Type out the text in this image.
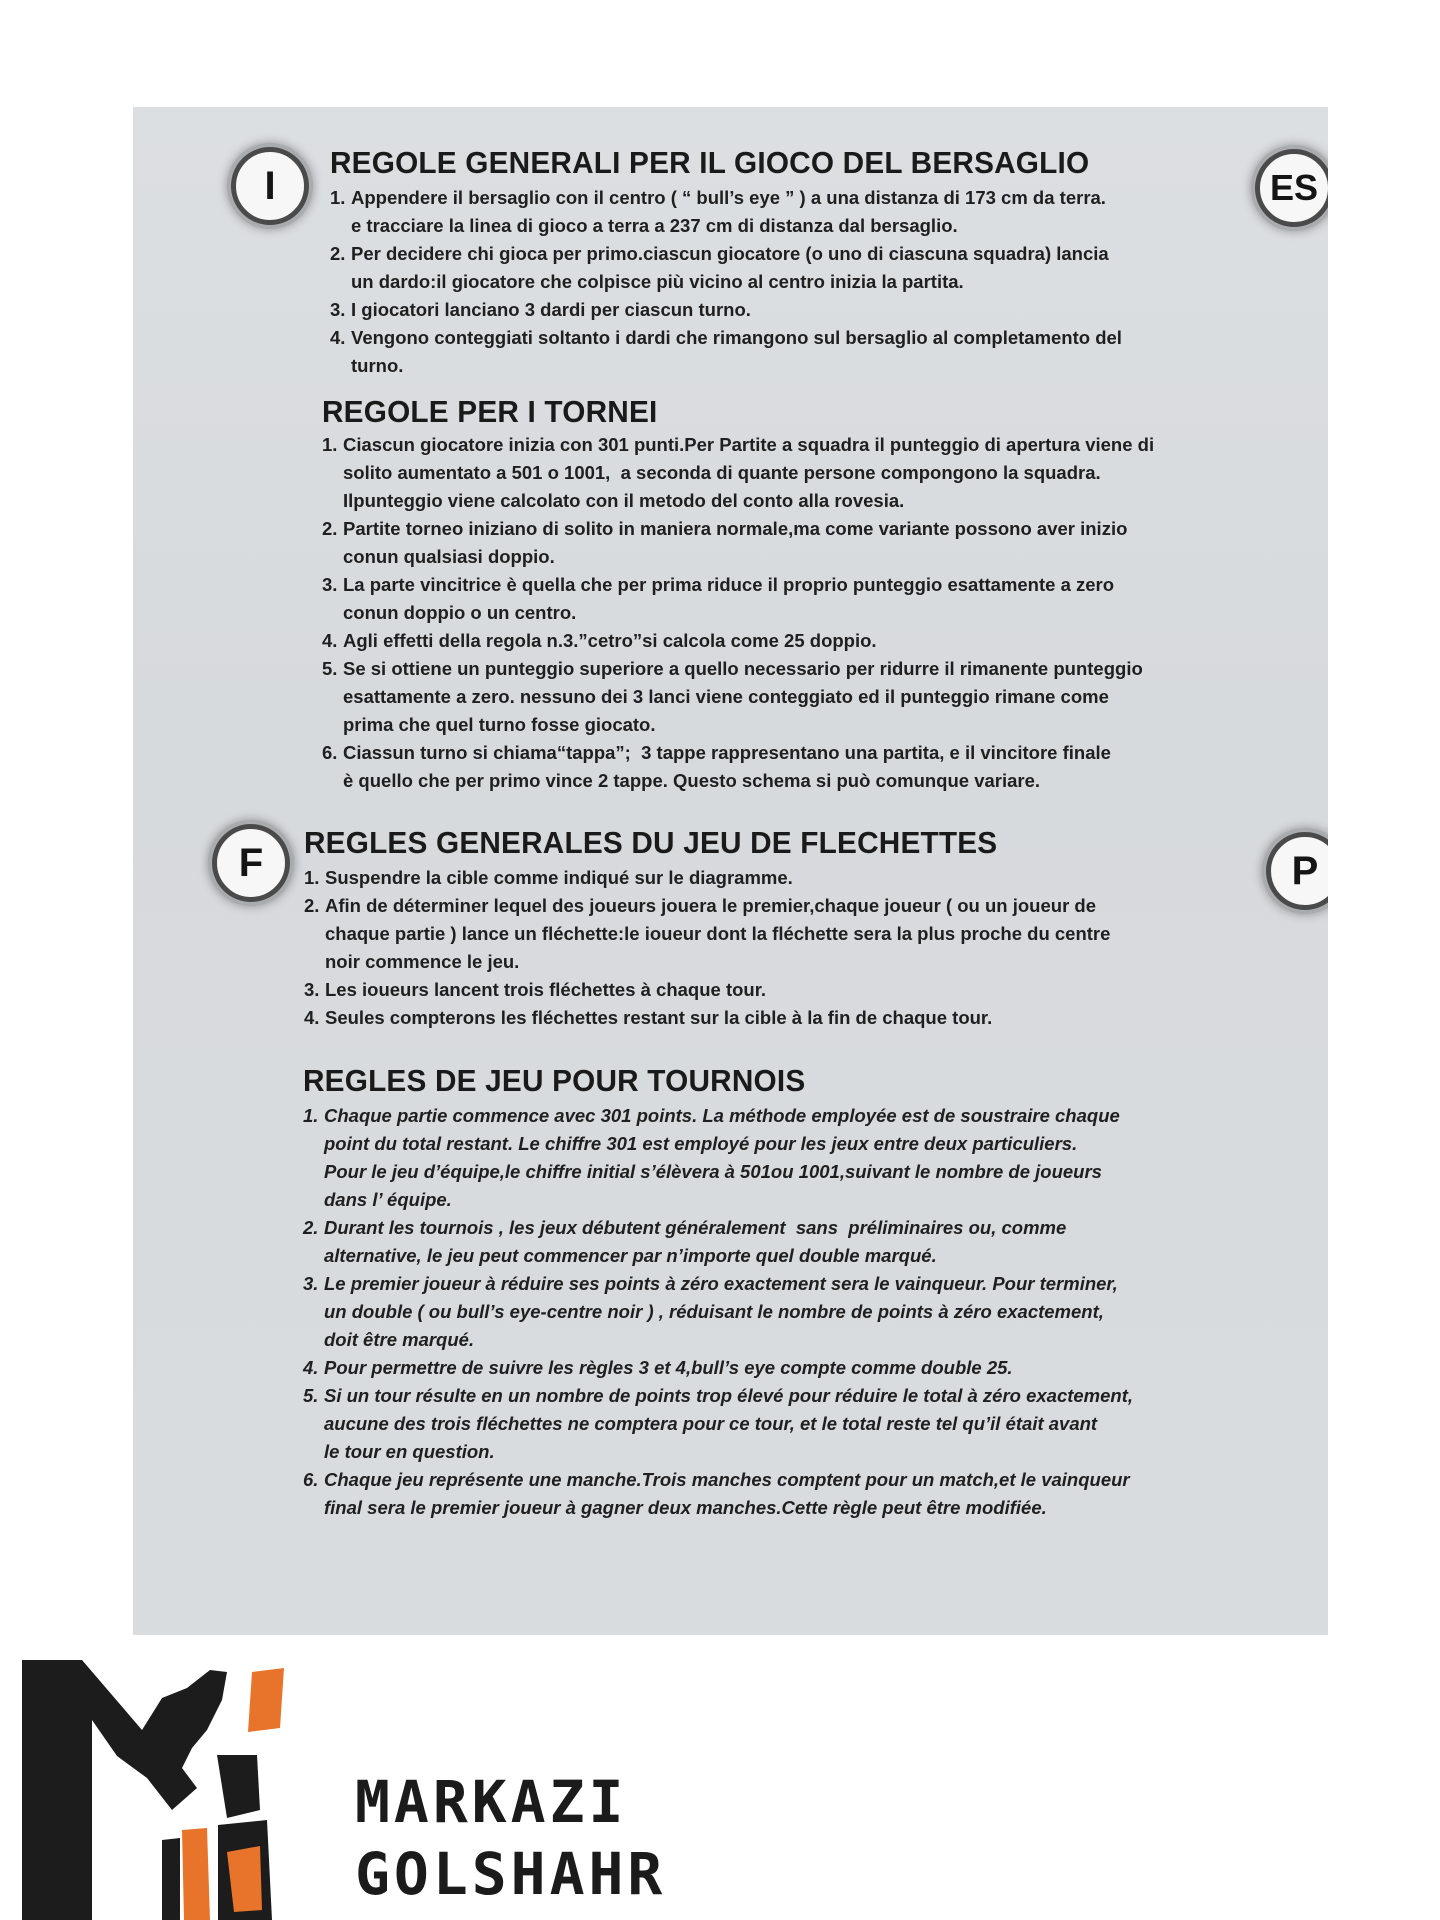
I	ES
F	P
REGOLE GENERALI PER IL GIOCO DEL BERSAGLIO
1. Appendere il bersaglio con il centro ( “ bull’s eye ” ) a una distanza di 173 cm da terra.
e tracciare la linea di gioco a terra a 237 cm di distanza dal bersaglio.
2. Per decidere chi gioca per primo.ciascun giocatore (o uno di ciascuna squadra) lancia
un dardo:il giocatore che colpisce più vicino al centro inizia la partita.
3. I giocatori lanciano 3 dardi per ciascun turno.
4. Vengono conteggiati soltanto i dardi che rimangono sul bersaglio al completamento del
turno.
REGOLE PER I TORNEI
1. Ciascun giocatore inizia con 301 punti.Per Partite a squadra il punteggio di apertura viene di
solito aumentato a 501 o 1001,  a seconda di quante persone compongono la squadra.
Ilpunteggio viene calcolato con il metodo del conto alla rovesia.
2. Partite torneo iniziano di solito in maniera normale,ma come variante possono aver inizio
conun qualsiasi doppio.
3. La parte vincitrice è quella che per prima riduce il proprio punteggio esattamente a zero
conun doppio o un centro.
4. Agli effetti della regola n.3.”cetro”si calcola come 25 doppio.
5. Se si ottiene un punteggio superiore a quello necessario per ridurre il rimanente punteggio
esattamente a zero. nessuno dei 3 lanci viene conteggiato ed il punteggio rimane come
prima che quel turno fosse giocato.
6. Ciassun turno si chiama“tappa”;  3 tappe rappresentano una partita, e il vincitore finale
è quello che per primo vince 2 tappe. Questo schema si può comunque variare.
REGLES GENERALES DU JEU DE FLECHETTES
1. Suspendre la cible comme indiqué sur le diagramme.
2. Afin de déterminer lequel des joueurs jouera le premier,chaque joueur ( ou un joueur de
chaque partie ) lance un fléchette:le ioueur dont la fléchette sera la plus proche du centre
noir commence le jeu.
3. Les ioueurs lancent trois fléchettes à chaque tour.
4. Seules compterons les fléchettes restant sur la cible à la fin de chaque tour.
REGLES DE JEU POUR TOURNOIS
1. Chaque partie commence avec 301 points. La méthode employée est de soustraire chaque
point du total restant. Le chiffre 301 est employé pour les jeux entre deux particuliers.
Pour le jeu d’équipe,le chiffre initial s’élèvera à 501ou 1001,suivant le nombre de joueurs
dans l’ équipe.
2. Durant les tournois , les jeux débutent généralement  sans  préliminaires ou, comme
alternative, le jeu peut commencer par n’importe quel double marqué.
3. Le premier joueur à réduire ses points à zéro exactement sera le vainqueur. Pour terminer,
un double ( ou bull’s eye-centre noir ) , réduisant le nombre de points à zéro exactement,
doit être marqué.
4. Pour permettre de suivre les règles 3 et 4,bull’s eye compte comme double 25.
5. Si un tour résulte en un nombre de points trop élevé pour réduire le total à zéro exactement,
aucune des trois fléchettes ne comptera pour ce tour, et le total reste tel qu’il était avant
le tour en question.
6. Chaque jeu représente une manche.Trois manches comptent pour un match,et le vainqueur
final sera le premier joueur à gagner deux manches.Cette règle peut être modifiée.
MARKAZI
GOLSHAHR
